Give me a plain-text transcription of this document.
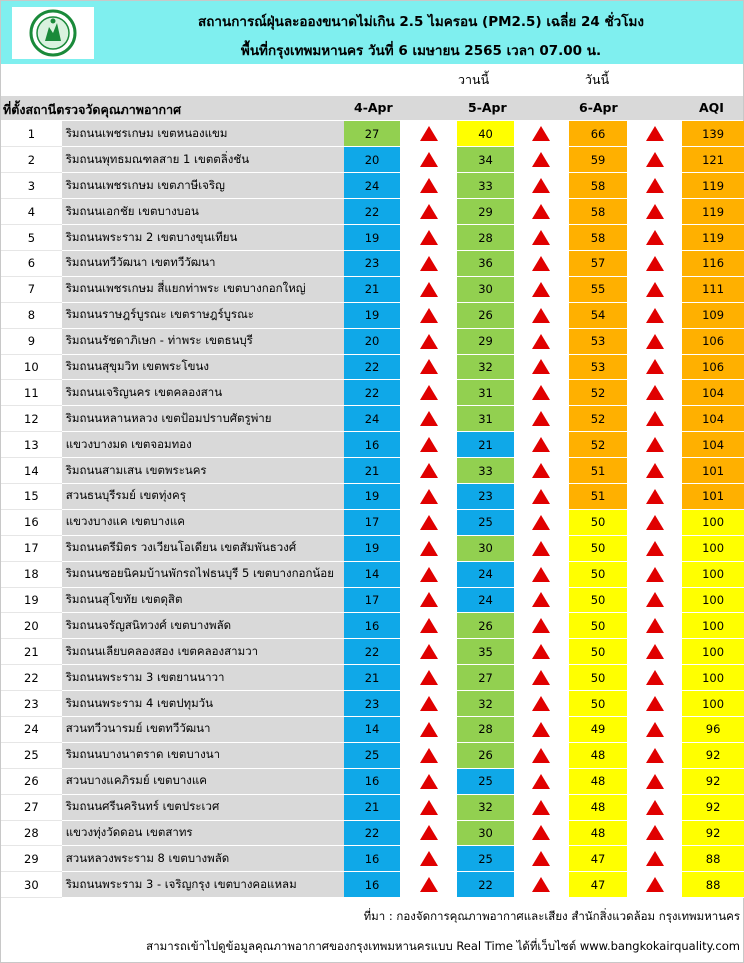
สถานการณ์ฝุ่นละอองขนาดไม่เกิน 2.5 ไมครอน (PM2.5) เฉลี่ย 24 ชั่วโมง
พื้นที่กรุงเทพมหานคร วันที่ 6 เมษายน 2565 เวลา 07.00 น.
วานนี้	วันนี้
ที่ตั้งสถานีตรวจวัดคุณภาพอากาศ	4-Apr	5-Apr	6-Apr	AQI
1	ริมถนนเพชรเกษม เขตหนองแขม	27		40		66		139
2	ริมถนนพุทธมณฑลสาย 1 เขตตลิ่งชัน	20		34		59		121
3	ริมถนนเพชรเกษม เขตภาษีเจริญ	24		33		58		119
4	ริมถนนเอกชัย เขตบางบอน	22		29		58		119
5	ริมถนนพระราม 2 เขตบางขุนเทียน	19		28		58		119
6	ริมถนนทวีวัฒนา เขตทวีวัฒนา	23		36		57		116
7	ริมถนนเพชรเกษม สี่แยกท่าพระ เขตบางกอกใหญ่	21		30		55		111
8	ริมถนนราษฎร์บูรณะ เขตราษฎร์บูรณะ	19		26		54		109
9	ริมถนนรัชดาภิเษก - ท่าพระ เขตธนบุรี	20		29		53		106
10	ริมถนนสุขุมวิท เขตพระโขนง	22		32		53		106
11	ริมถนนเจริญนคร เขตคลองสาน	22		31		52		104
12	ริมถนนหลานหลวง เขตป้อมปราบศัตรูพ่าย	24		31		52		104
13	แขวงบางมด เขตจอมทอง	16		21		52		104
14	ริมถนนสามเสน เขตพระนคร	21		33		51		101
15	สวนธนบุรีรมย์ เขตทุ่งครุ	19		23		51		101
16	แขวงบางแค เขตบางแค	17		25		50		100
17	ริมถนนตรีมิตร วงเวียนโอเดียน เขตสัมพันธวงศ์	19		30		50		100
18	ริมถนนซอยนิคมบ้านพักรถไฟธนบุรี 5 เขตบางกอกน้อย	14		24		50		100
19	ริมถนนสุโขทัย เขตดุสิต	17		24		50		100
20	ริมถนนจรัญสนิทวงศ์ เขตบางพลัด	16		26		50		100
21	ริมถนนเลียบคลองสอง เขตคลองสามวา	22		35		50		100
22	ริมถนนพระราม 3 เขตยานนาวา	21		27		50		100
23	ริมถนนพระราม 4 เขตปทุมวัน	23		32		50		100
24	สวนทวีวนารมย์ เขตทวีวัฒนา	14		28		49		96
25	ริมถนนบางนาตราด เขตบางนา	25		26		48		92
26	สวนบางแคภิรมย์ เขตบางแค	16		25		48		92
27	ริมถนนศรีนครินทร์ เขตประเวศ	21		32		48		92
28	แขวงทุ่งวัดดอน เขตสาทร	22		30		48		92
29	สวนหลวงพระราม 8 เขตบางพลัด	16		25		47		88
30	ริมถนนพระราม 3 - เจริญกรุง เขตบางคอแหลม	16		22		47		88
ที่มา : กองจัดการคุณภาพอากาศและเสียง สำนักสิ่งแวดล้อม กรุงเทพมหานคร
สามารถเข้าไปดูข้อมูลคุณภาพอากาศของกรุงเทพมหานครแบบ Real Time ได้ที่เว็บไซต์ www.bangkokairquality.com
